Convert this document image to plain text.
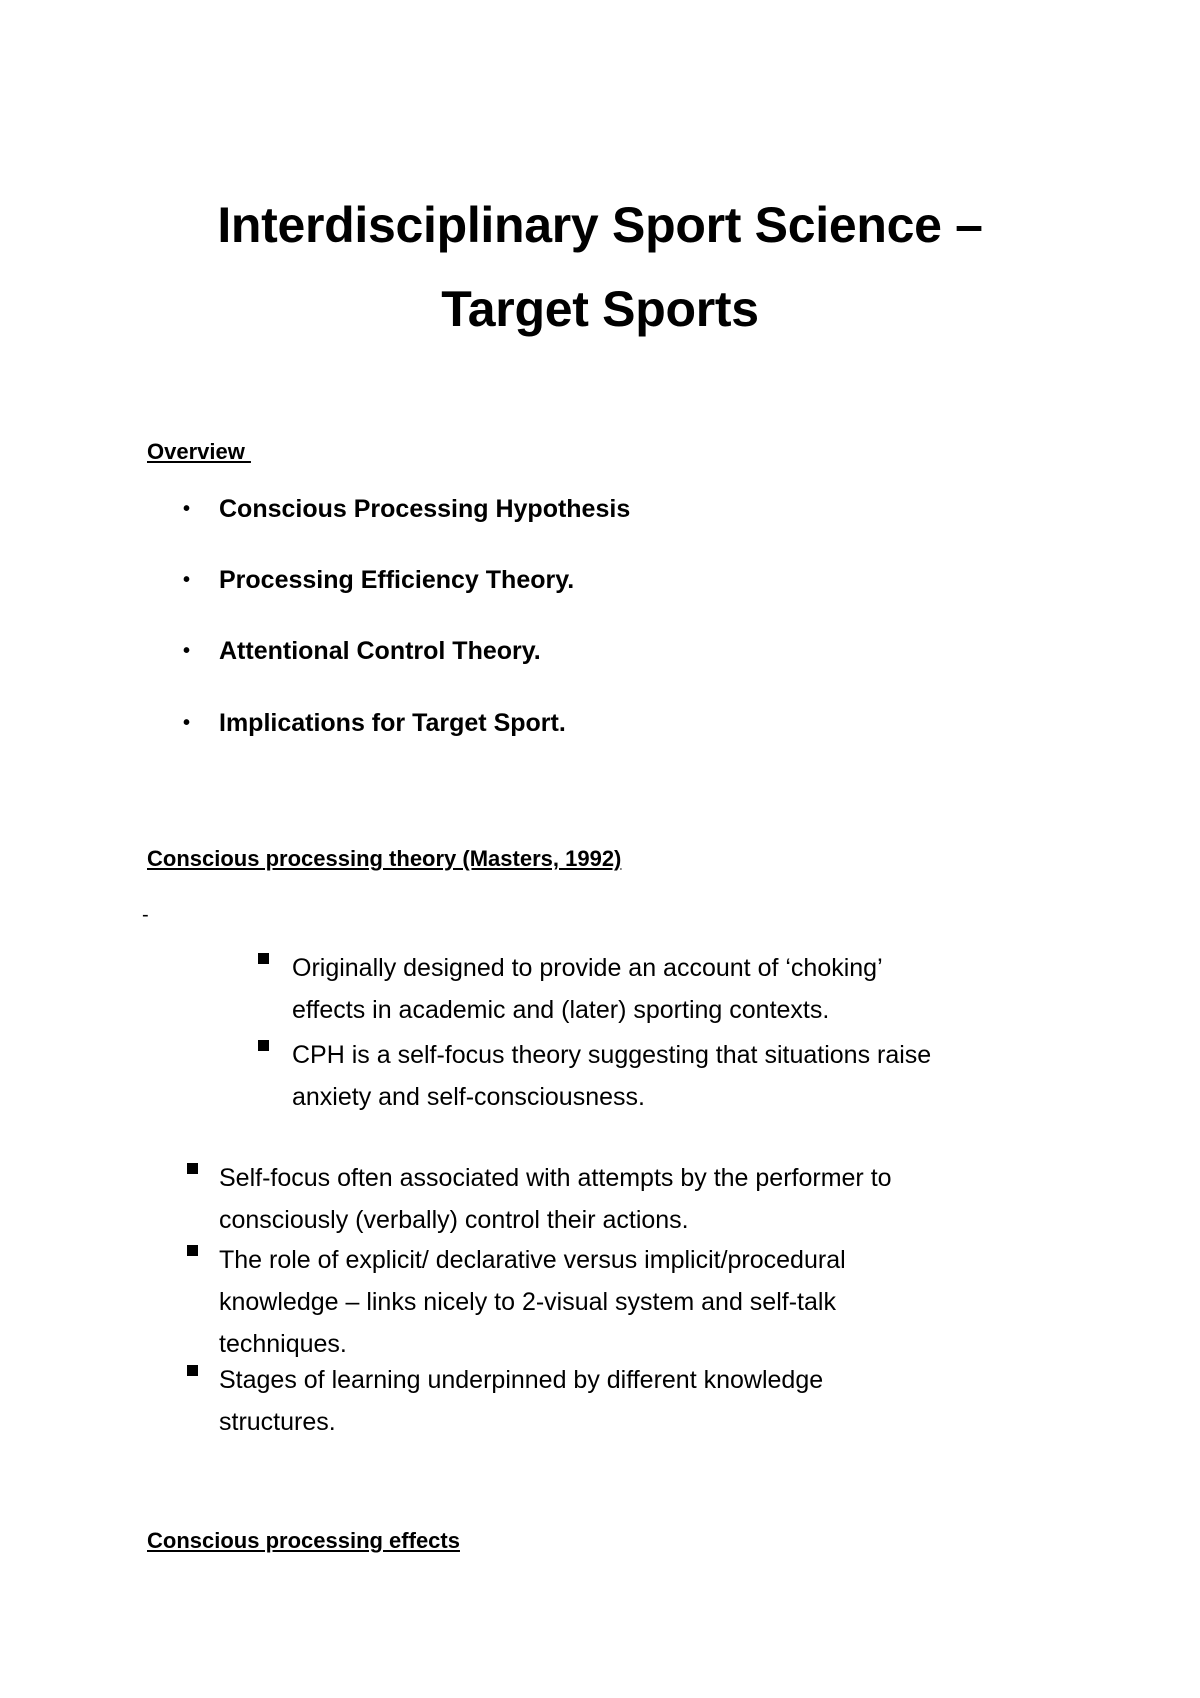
Interdisciplinary Sport Science –
Target Sports
Overview
• Conscious Processing Hypothesis
• Processing Efficiency Theory.
• Attentional Control Theory.
• Implications for Target Sport.
Conscious processing theory (Masters, 1992)
-
Originally designed to provide an account of ‘choking’
effects in academic and (later) sporting contexts.
CPH is a self-focus theory suggesting that situations raise
anxiety and self-consciousness.
Self-focus often associated with attempts by the performer to
consciously (verbally) control their actions.
The role of explicit/ declarative versus implicit/procedural
knowledge – links nicely to 2-visual system and self-talk
techniques.
Stages of learning underpinned by different knowledge
structures.
Conscious processing effects
